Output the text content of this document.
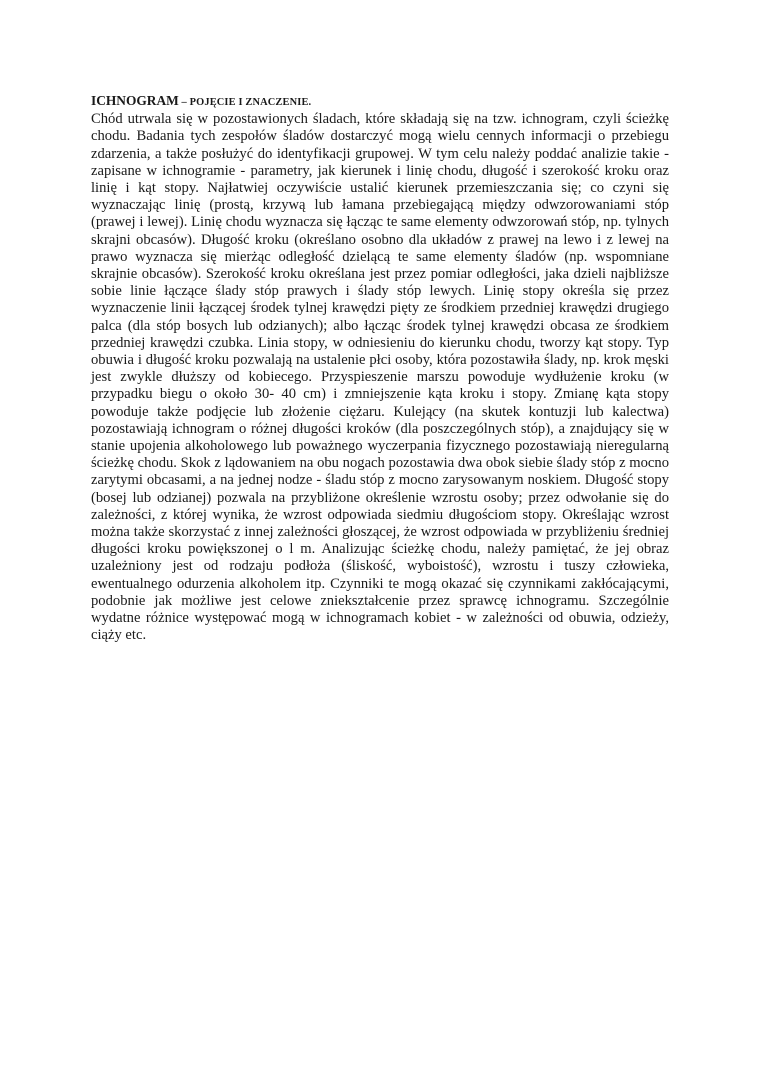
ICHNOGRAM – POJĘCIE I ZNACZENIE.

Chód utrwala się w pozostawionych śladach, które składają się na tzw. ichnogram, czyli ścieżkę chodu. Badania tych zespołów śladów dostarczyć mogą wielu cennych informacji o przebiegu zdarzenia, a także posłużyć do identyfikacji grupowej. W tym celu należy poddać analizie takie - zapisane w ichnogramie - parametry, jak kierunek i linię chodu, długość i szerokość kroku oraz linię i kąt stopy. Najłatwiej oczywiście ustalić kierunek przemieszczania się; co czyni się wyznaczając linię (prostą, krzywą lub łamana przebiegającą między odwzorowaniami stóp (prawej i lewej). Linię chodu wyznacza się łącząc te same elementy odwzorowań stóp, np. tylnych skrajni obcasów). Długość kroku (określano osobno dla układów z prawej na lewo i z lewej na prawo wyznacza się mierżąc odległość dzielącą te same elementy śladów (np. wspomniane skrajnie obcasów). Szerokość kroku określana jest przez pomiar odległości, jaka dzieli najbliższe sobie linie łączące ślady stóp prawych i ślady stóp lewych. Linię stopy określa się przez wyznaczenie linii łączącej środek tylnej krawędzi pięty ze środkiem przedniej krawędzi drugiego palca (dla stóp bosych lub odzianych); albo łącząc środek tylnej krawędzi obcasa ze środkiem przedniej krawędzi czubka. Linia stopy, w odniesieniu do kierunku chodu, tworzy kąt stopy. Typ obuwia i długość kroku pozwalają na ustalenie płci osoby, która pozostawiła ślady, np. krok męski jest zwykle dłuższy od kobiecego. Przyspieszenie marszu powoduje wydłużenie kroku (w przypadku biegu o około 30- 40 cm) i zmniejszenie kąta kroku i stopy. Zmianę kąta stopy powoduje także podjęcie lub złożenie ciężaru. Kulejący (na skutek kontuzji lub kalectwa) pozostawiają ichnogram o różnej długości kroków (dla poszczególnych stóp), a znajdujący się w stanie upojenia alkoholowego lub poważnego wyczerpania fizycznego pozostawiają nieregularną ścieżkę chodu. Skok z lądowaniem na obu nogach pozostawia dwa obok siebie ślady stóp z mocno zarytymi obcasami, a na jednej nodze - śladu stóp z mocno zarysowanym noskiem. Długość stopy (bosej lub odzianej) pozwala na przybliżone określenie wzrostu osoby; przez odwołanie się do zależności, z której wynika, że wzrost odpowiada siedmiu długościom stopy. Określając wzrost można także skorzystać z innej zależności głoszącej, że wzrost odpowiada w przybliżeniu średniej długości kroku powiększonej o l m. Analizując ścieżkę chodu, należy pamiętać, że jej obraz uzależniony jest od rodzaju podłoża (śliskość, wyboistość), wzrostu i tuszy człowieka, ewentualnego odurzenia alkoholem itp. Czynniki te mogą okazać się czynnikami zakłócającymi, podobnie jak możliwe jest celowe zniekształcenie przez sprawcę ichnogramu. Szczególnie wydatne różnice występować mogą w ichnogramach kobiet - w zależności od obuwia, odzieży, ciąży etc.
